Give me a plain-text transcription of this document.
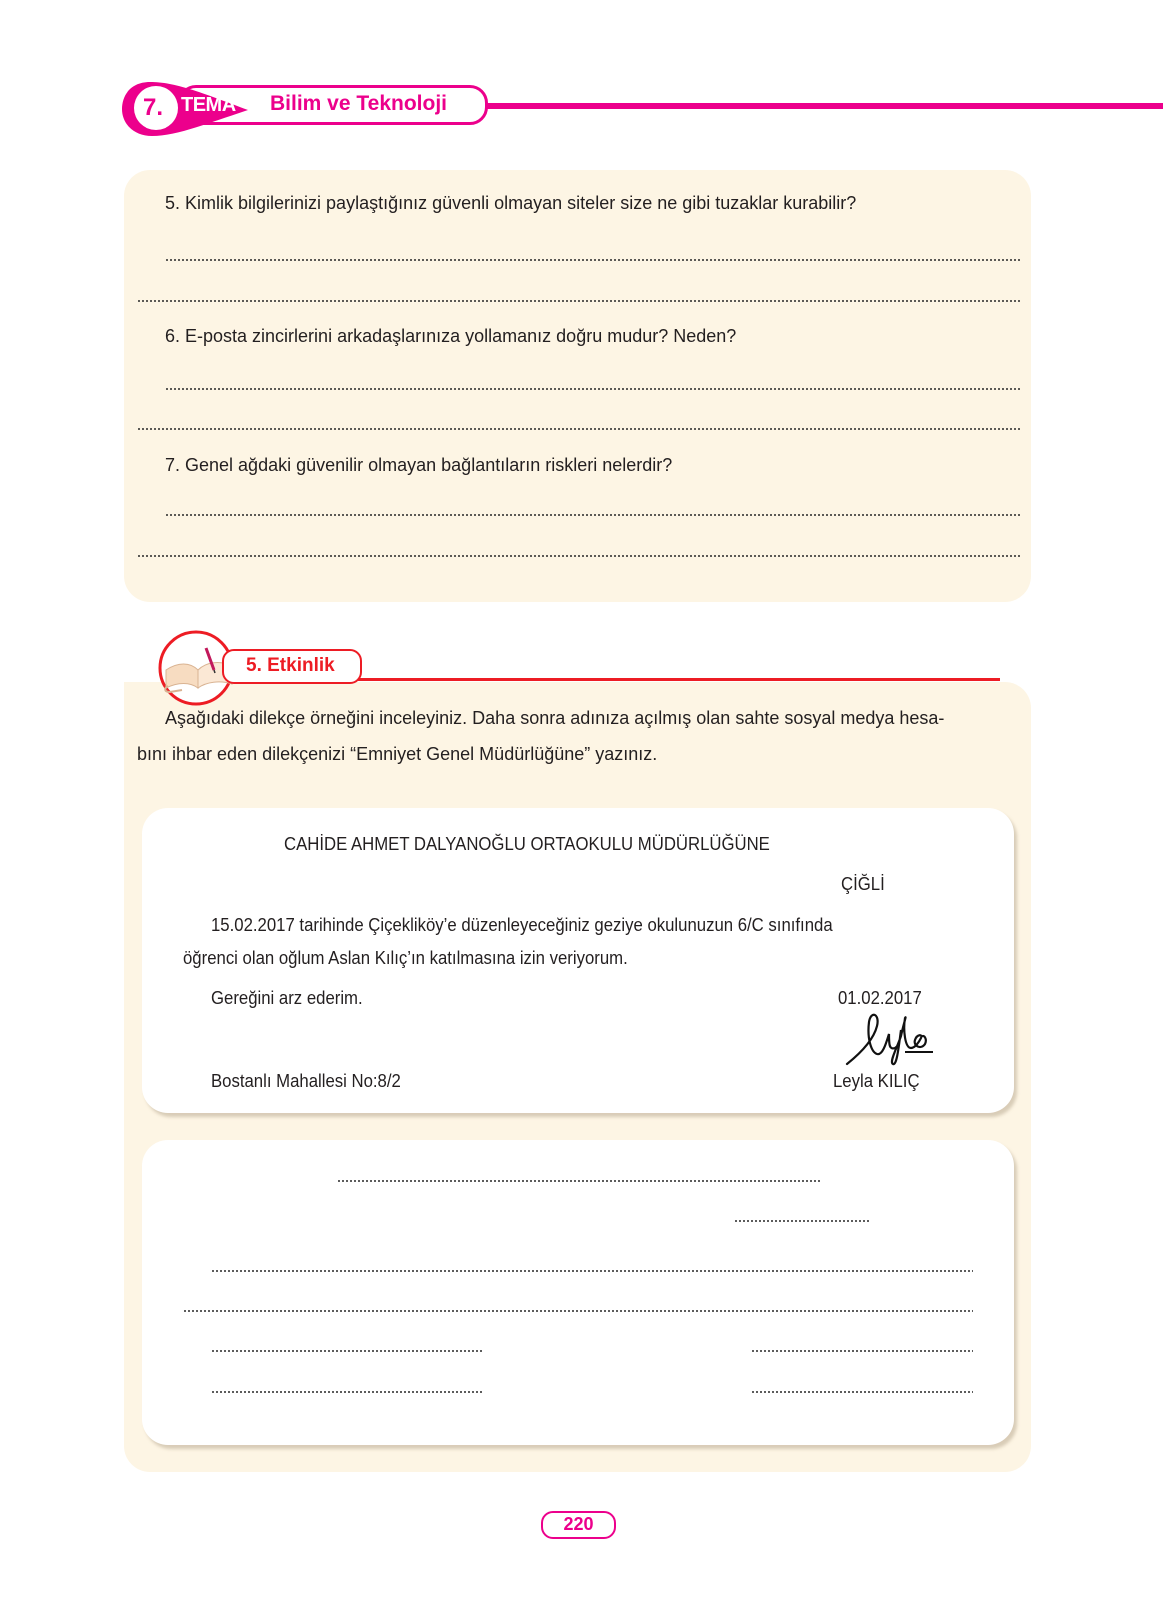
7. TEMA Bilim ve Teknoloji
5. Kimlik bilgilerinizi paylaştığınız güvenli olmayan siteler size ne gibi tuzaklar kurabilir?
6. E-posta zincirlerini arkadaşlarınıza yollamanız doğru mudur? Neden?
7. Genel ağdaki güvenilir olmayan bağlantıların riskleri nelerdir?
5. Etkinlik
Aşağıdaki dilekçe örneğini inceleyiniz. Daha sonra adınıza açılmış olan sahte sosyal medya hesa-
bını ihbar eden dilekçenizi “Emniyet Genel Müdürlüğüne” yazınız.
CAHİDE AHMET DALYANOĞLU ORTAOKULU MÜDÜRLÜĞÜNE
ÇİĞLİ
15.02.2017 tarihinde Çiçekliköy’e düzenleyeceğiniz geziye okulunuzun 6/C sınıfında
öğrenci olan oğlum Aslan Kılıç’ın katılmasına izin veriyorum.
Gereğini arz ederim.	01.02.2017
Bostanlı Mahallesi No:8/2	Leyla KILIÇ
220
